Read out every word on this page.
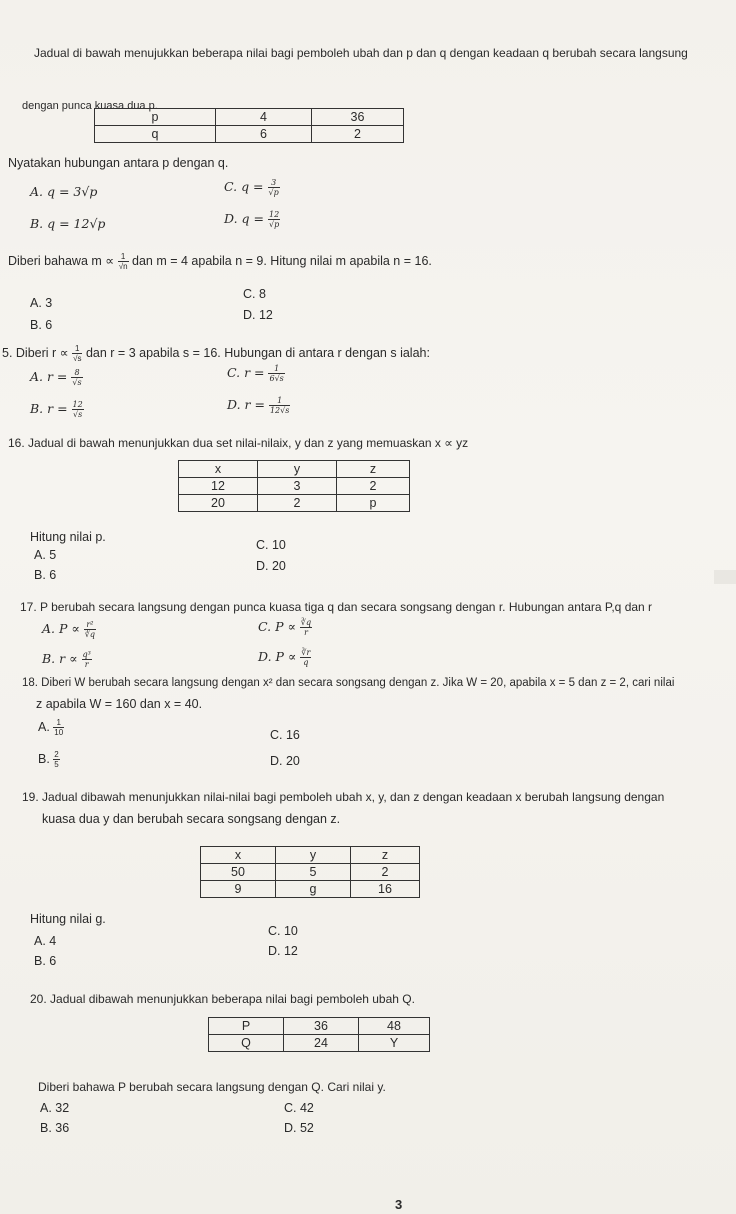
Jadual di bawah menujukkan beberapa nilai bagi pemboleh ubah dan p dan q dengan keadaan q berubah secara langsung
dengan punca kuasa dua p.
p	4	36
q	6	2
Nyatakan hubungan antara p dengan q.
A. q = 3√p
B. q = 12√p
C. $q = \frac{3}{√p}$
D. $q = \frac{12}{√p}$
Diberi bahawa $m \propto \frac{1}{√n}$ dan m = 4 apabila n = 9. Hitung nilai m apabila n = 16.
A. 3
B. 6
C. 8
D. 12
5. Diberi $r \propto \frac{1}{√s}$ dan r = 3 apabila s = 16. Hubungan di antara r dengan s ialah:
A. $r = \frac{8}{√s}$
B. $r = \frac{12}{√s}$
C. $r = \frac{1}{6√s}$
D. $r = \frac{1}{12√s}$
16. Jadual di bawah menunjukkan dua set nilai-nilaix, y dan z yang memuaskan x ∝ yz
x	y	z
12	3	2
20	2	p
Hitung nilai p.
A. 5
B. 6
C. 10
D. 20
17. P berubah secara langsung dengan punca kuasa tiga q dan secara songsang dengan r. Hubungan antara P,q dan r
A. $P \propto \frac{\text{r²}}{∛q}$
B. $r \propto \frac{\text{q³}}{r}$
C. $P \propto \frac{∛q}{r}$
D. $P \propto \frac{∛r}{q}$
18. Diberi W berubah secara langsung dengan x² dan secara songsang dengan z. Jika W = 20, apabila x = 5 dan z = 2, cari nilai
z apabila W = 160 dan x = 40.
A. $\frac{1}{10}$
B. $\frac{2}{5}$
C. 16
D. 20
19. Jadual dibawah menunjukkan nilai-nilai bagi pemboleh ubah x, y, dan z dengan keadaan x berubah langsung dengan
kuasa dua y dan berubah secara songsang dengan z.
x	y	z
50	5	2
9	g	16
Hitung nilai g.
A. 4
B. 6
C. 10
D. 12
20. Jadual dibawah menunjukkan beberapa nilai bagi pemboleh ubah Q.
P	36	48
Q	24	Y
Diberi bahawa P berubah secara langsung dengan Q. Cari nilai y.
A. 32
B. 36
C. 42
D. 52
3
